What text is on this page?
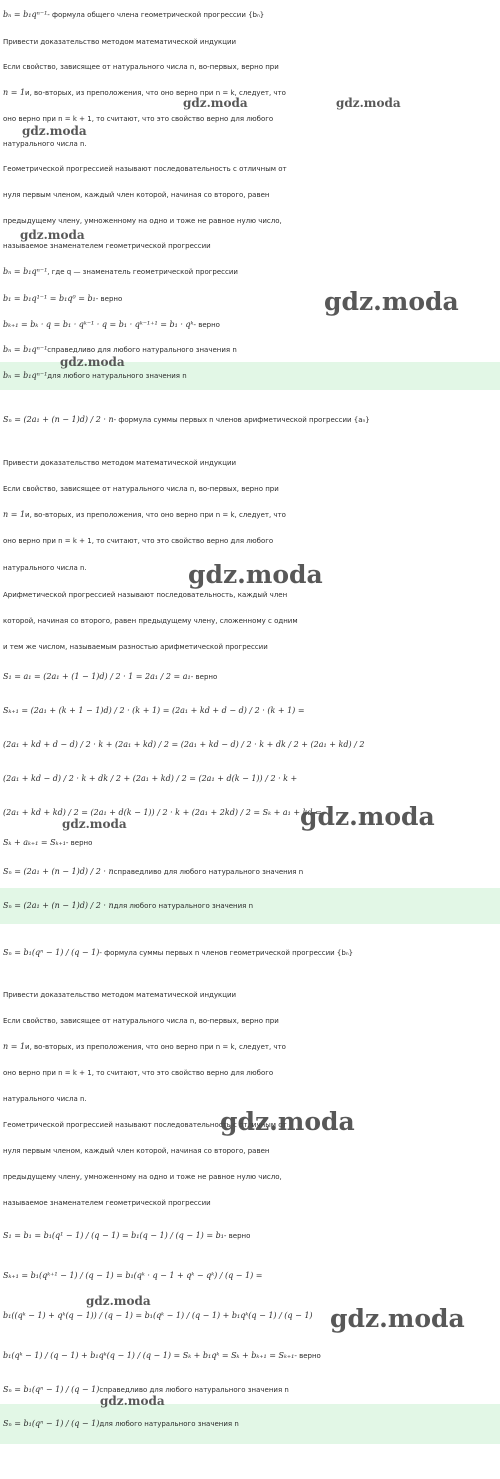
bₙ = b₁qⁿ⁻¹ - формула общего члена геометрической прогрессии {bₙ}
Привести доказательство методом математической индукции
Если свойство, зависящее от натурального числа n, во-первых, верно при
n = 1 и, во-вторых, из преположения, что оно верно при n = k, следует, что
оно верно при n = k + 1, то считают, что это свойство верно для любого
натурального числа n.
Геометрической прогрессией называют последовательность с отличным от
нуля первым членом, каждый член которой, начиная со второго, равен
предыдущему члену, умноженному на одно и тоже не равное нулю число,
называемое знаменателем геометрической прогрессии
bₙ = b₁qⁿ⁻¹ , где q — знаменатель геометрической прогрессии
b₁ = b₁q¹⁻¹ = b₁q⁰ = b₁ - верно
bₖ₊₁ = bₖ · q = b₁ · qᵏ⁻¹ · q = b₁ · qᵏ⁻¹⁺¹ = b₁ · qᵏ - верно
bₙ = b₁qⁿ⁻¹ справедливо для любого натурального значения n
bₙ = b₁qⁿ⁻¹ для любого натурального значения n
Sₙ = (2a₁ + (n − 1)d) / 2 · n - формула суммы первых n членов арифметической прогрессии {aₙ}
Привести доказательство методом математической индукции
Если свойство, зависящее от натурального числа n, во-первых, верно при
n = 1 и, во-вторых, из преположения, что оно верно при n = k, следует, что
оно верно при n = k + 1, то считают, что это свойство верно для любого
натурального числа n.
Арифметической прогрессией называют последовательность, каждый член
которой, начиная со второго, равен предыдущему члену, сложенному с одним
и тем же числом, называемым разностью арифметической прогрессии
S₁ = a₁ = (2a₁ + (1 − 1)d) / 2 · 1 = 2a₁ / 2 = a₁ - верно
Sₖ₊₁ = (2a₁ + (k + 1 − 1)d) / 2 · (k + 1) = (2a₁ + kd + d − d) / 2 · (k + 1) =
(2a₁ + kd + d − d) / 2 · k + (2a₁ + kd) / 2 = (2a₁ + kd − d) / 2 · k + dk / 2 + (2a₁ + kd) / 2
(2a₁ + kd − d) / 2 · k + dk / 2 + (2a₁ + kd) / 2 = (2a₁ + d(k − 1)) / 2 · k +
(2a₁ + kd + kd) / 2 = (2a₁ + d(k − 1)) / 2 · k + (2a₁ + 2kd) / 2 = Sₖ + a₁ + kd =
Sₖ + aₖ₊₁ = Sₖ₊₁ - верно
Sₙ = (2a₁ + (n − 1)d) / 2 · n справедливо для любого натурального значения n
Sₙ = (2a₁ + (n − 1)d) / 2 · n для любого натурального значения n
Sₙ = b₁(qⁿ − 1) / (q − 1) - формула суммы первых n членов геометрической прогрессии {bₙ}
Привести доказательство методом математической индукции
Если свойство, зависящее от натурального числа n, во-первых, верно при
n = 1 и, во-вторых, из преположения, что оно верно при n = k, следует, что
оно верно при n = k + 1, то считают, что это свойство верно для любого
натурального числа n.
Геометрической прогрессией называют последовательность с отличным от
нуля первым членом, каждый член которой, начиная со второго, равен
предыдущему члену, умноженному на одно и тоже не равное нулю число,
называемое знаменателем геометрической прогрессии
S₁ = b₁ = b₁(q¹ − 1) / (q − 1) = b₁(q − 1) / (q − 1) = b₁ - верно
Sₖ₊₁ = b₁(qᵏ⁺¹ − 1) / (q − 1) = b₁(qᵏ · q − 1 + qᵏ − qᵏ) / (q − 1) =
b₁((qᵏ − 1) + qᵏ(q − 1)) / (q − 1) = b₁(qᵏ − 1) / (q − 1) + b₁qᵏ(q − 1) / (q − 1)
b₁(qᵏ − 1) / (q − 1) + b₁qᵏ(q − 1) / (q − 1) = Sₖ + b₁qᵏ = Sₖ + bₖ₊₁ = Sₖ₊₁ - верно
Sₙ = b₁(qⁿ − 1) / (q − 1) справедливо для любого натурального значения n
Sₙ = b₁(qⁿ − 1) / (q − 1) для любого натурального значения n
gdz.moda	gdz.moda
gdz.moda
gdz.moda
gdz.moda
gdz.moda
gdz.moda
gdz.moda	gdz.moda
gdz.moda
gdz.moda
gdz.moda
gdz.moda
